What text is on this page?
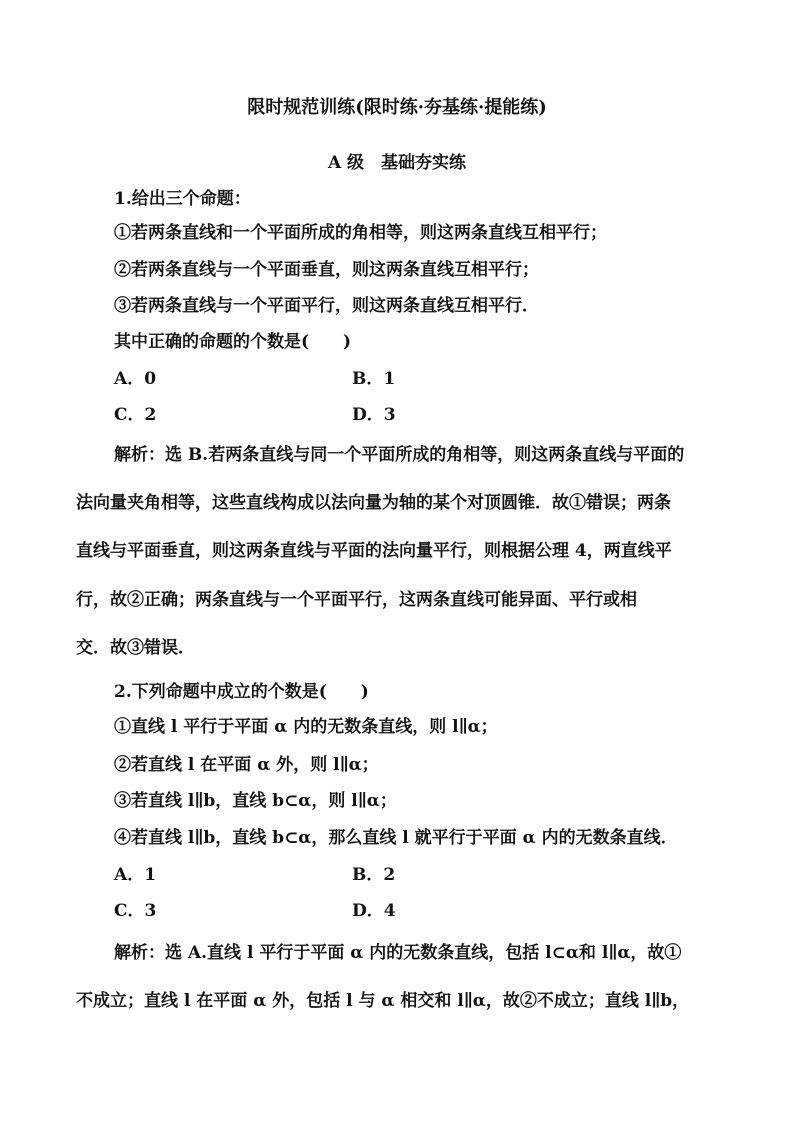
限时规范训练(限时练·夯基练·提能练)
A 级　基础夯实练
1.给出三个命题：
①若两条直线和一个平面所成的角相等，则这两条直线互相平行；
②若两条直线与一个平面垂直，则这两条直线互相平行；
③若两条直线与一个平面平行，则这两条直线互相平行．
其中正确的命题的个数是(　　)
A．0	B．1
C．2	D．3
解析：选 B.若两条直线与同一个平面所成的角相等，则这两条直线与平面的
法向量夹角相等，这些直线构成以法向量为轴的某个对顶圆锥．故①错误；两条
直线与平面垂直，则这两条直线与平面的法向量平行，则根据公理 4，两直线平
行，故②正确；两条直线与一个平面平行，这两条直线可能异面、平行或相
交．故③错误．
2.下列命题中成立的个数是(　　)
①直线 l 平行于平面 α 内的无数条直线，则 l∥α；
②若直线 l 在平面 α 外，则 l∥α；
③若直线 l∥b，直线 b⊂α，则 l∥α；
④若直线 l∥b，直线 b⊂α，那么直线 l 就平行于平面 α 内的无数条直线．
A．1	B．2
C．3	D．4
解析：选 A.直线 l 平行于平面 α 内的无数条直线，包括 l⊂α和 l∥α，故①
不成立；直线 l 在平面 α 外，包括 l 与 α 相交和 l∥α，故②不成立；直线 l∥b，
